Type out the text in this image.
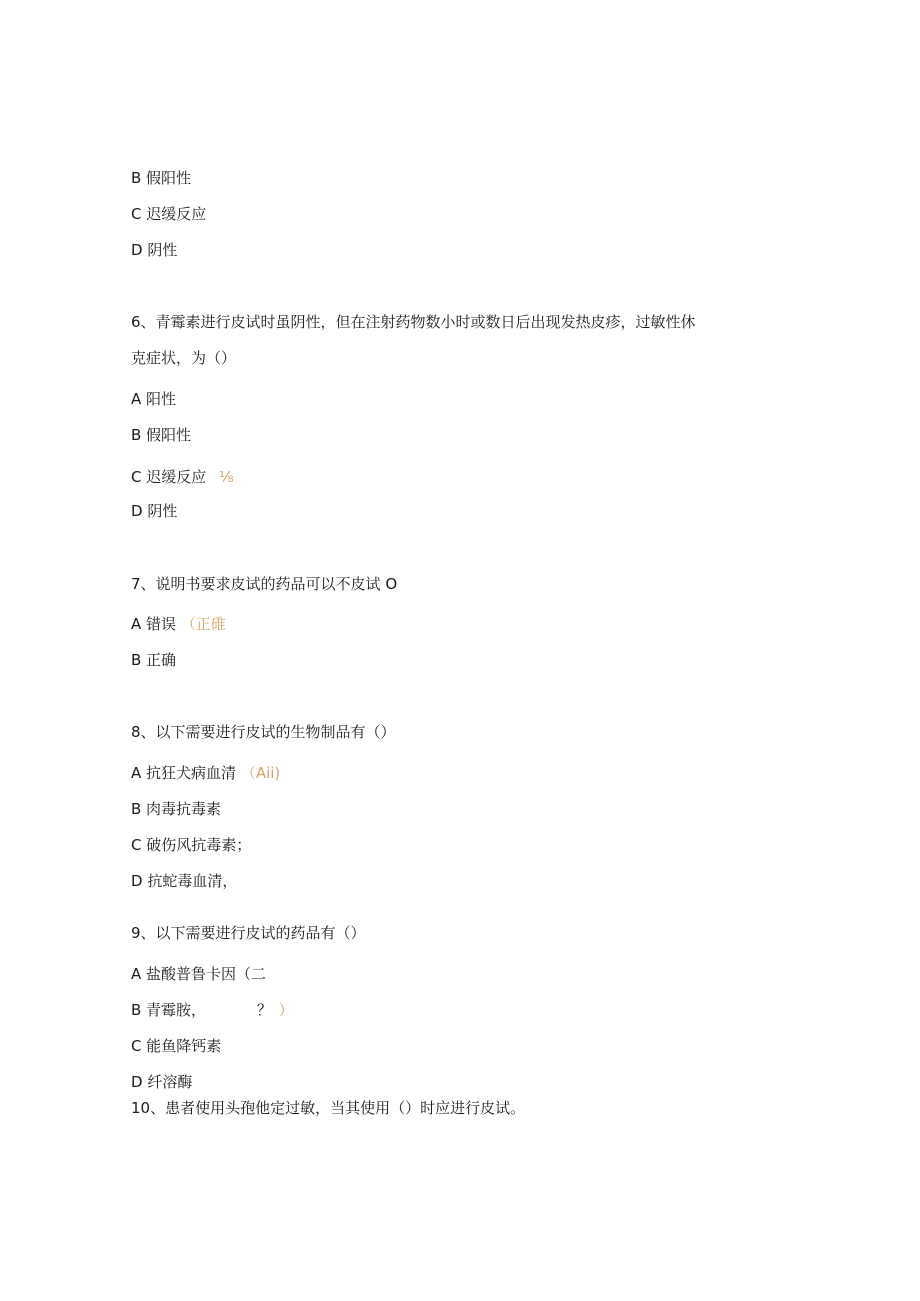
B 假阳性
C 迟缓反应
D 阴性
6、青霉素进行皮试时虽阴性，但在注射药物数小时或数日后出现发热皮疹，过敏性休
克症状，为（）
A 阳性
B 假阳性
C 迟缓反应 ⅛
D 阴性
7、说明书要求皮试的药品可以不皮试 O
A 错误 （正碓
B 正确
8、以下需要进行皮试的生物制品有（）
A 抗狂犬病血清 （Aii)
B 肉毒抗毒素
C 破伤风抗毒素；
D 抗蛇毒血清，
9、以下需要进行皮试的药品有（）
A 盐酸普鲁卡因（二
B 青霉胺，	？ ）
C 能鱼降钙素
D 纤溶酶
10、患者使用头孢他定过敏，当其使用（）时应进行皮试。
